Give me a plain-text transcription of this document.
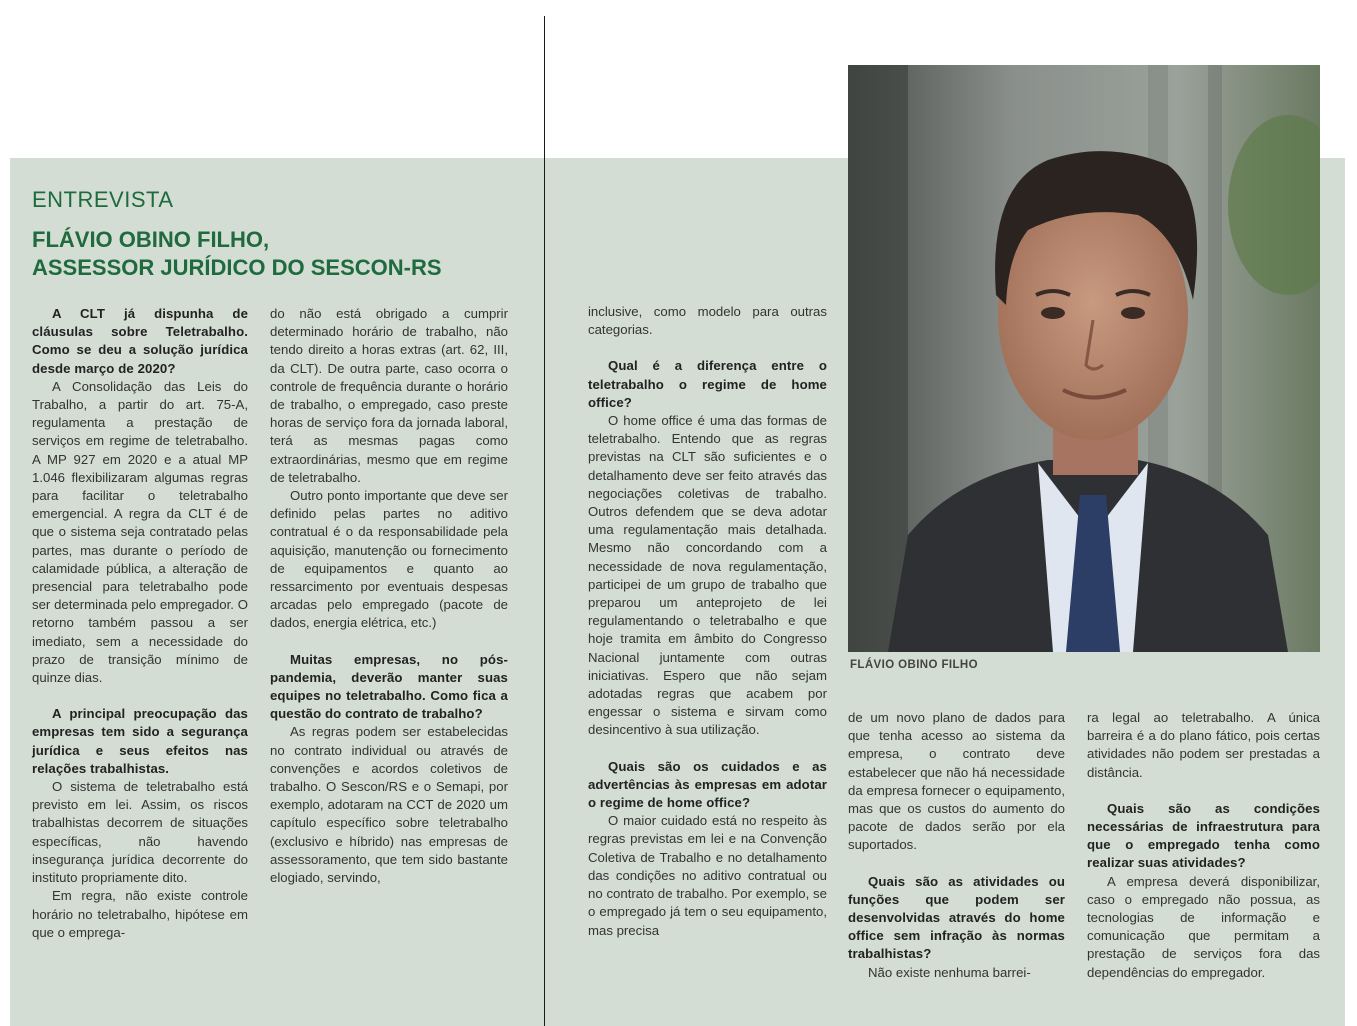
ENTREVISTA
FLÁVIO OBINO FILHO,
ASSESSOR JURÍDICO DO SESCON-RS

A CLT já dispunha de cláusulas sobre Teletrabalho. Como se deu a solução jurídica desde março de 2020?

A Consolidação das Leis do Trabalho, a partir do art. 75-A, regulamenta a prestação de serviços em regime de teletrabalho. A MP 927 em 2020 e a atual MP 1.046 flexibilizaram algumas regras para facilitar o teletrabalho emergencial. A regra da CLT é de que o sistema seja contratado pelas partes, mas durante o período de calamidade pública, a alteração de presencial para teletrabalho pode ser determinada pelo empregador. O retorno também passou a ser imediato, sem a necessidade do prazo de transição mínimo de quinze dias.

A principal preocupação das empresas tem sido a segurança jurídica e seus efeitos nas relações trabalhistas.

O sistema de teletrabalho está previsto em lei. Assim, os riscos trabalhistas decorrem de situações específicas, não havendo insegurança jurídica decorrente do instituto propriamente dito.

Em regra, não existe controle horário no teletrabalho, hipótese em que o emprega-

do não está obrigado a cumprir determinado horário de trabalho, não tendo direito a horas extras (art. 62, III, da CLT). De outra parte, caso ocorra o controle de frequência durante o horário de trabalho, o empregado, caso preste horas de serviço fora da jornada laboral, terá as mesmas pagas como extraordinárias, mesmo que em regime de teletrabalho.

Outro ponto importante que deve ser definido pelas partes no aditivo contratual é o da responsabilidade pela aquisição, manutenção ou fornecimento de equipamentos e quanto ao ressarcimento por eventuais despesas arcadas pelo empregado (pacote de dados, energia elétrica, etc.)

Muitas empresas, no pós-pandemia, deverão manter suas equipes no teletrabalho. Como fica a questão do contrato de trabalho?

As regras podem ser estabelecidas no contrato individual ou através de convenções e acordos coletivos de trabalho. O Sescon/RS e o Semapi, por exemplo, adotaram na CCT de 2020 um capítulo específico sobre teletrabalho (exclusivo e híbrido) nas empresas de assessoramento, que tem sido bastante elogiado, servindo,

inclusive, como modelo para outras categorias.

Qual é a diferença entre o teletrabalho o regime de home office?

O home office é uma das formas de teletrabalho. Entendo que as regras previstas na CLT são suficientes e o detalhamento deve ser feito através das negociações coletivas de trabalho. Outros defendem que se deva adotar uma regulamentação mais detalhada. Mesmo não concordando com a necessidade de nova regulamentação, participei de um grupo de trabalho que preparou um anteprojeto de lei regulamentando o teletrabalho e que hoje tramita em âmbito do Congresso Nacional juntamente com outras iniciativas. Espero que não sejam adotadas regras que acabem por engessar o sistema e sirvam como desincentivo à sua utilização.

Quais são os cuidados e as advertências às empresas em adotar o regime de home office?

O maior cuidado está no respeito às regras previstas em lei e na Convenção Coletiva de Trabalho e no detalhamento das condições no aditivo contratual ou no contrato de trabalho. Por exemplo, se o empregado já tem o seu equipamento, mas precisa

de um novo plano de dados para que tenha acesso ao sistema da empresa, o contrato deve estabelecer que não há necessidade da empresa fornecer o equipamento, mas que os custos do aumento do pacote de dados serão por ela suportados.

Quais são as atividades ou funções que podem ser desenvolvidas através do home office sem infração às normas trabalhistas?

Não existe nenhuma barrei-

ra legal ao teletrabalho. A única barreira é a do plano fático, pois certas atividades não podem ser prestadas a distância.

Quais são as condições necessárias de infraestrutura para que o empregado tenha como realizar suas atividades?

A empresa deverá disponibilizar, caso o empregado não possua, as tecnologias de informação e comunicação que permitam a prestação de serviços fora das dependências do empregador.

FLÁVIO OBINO FILHO
